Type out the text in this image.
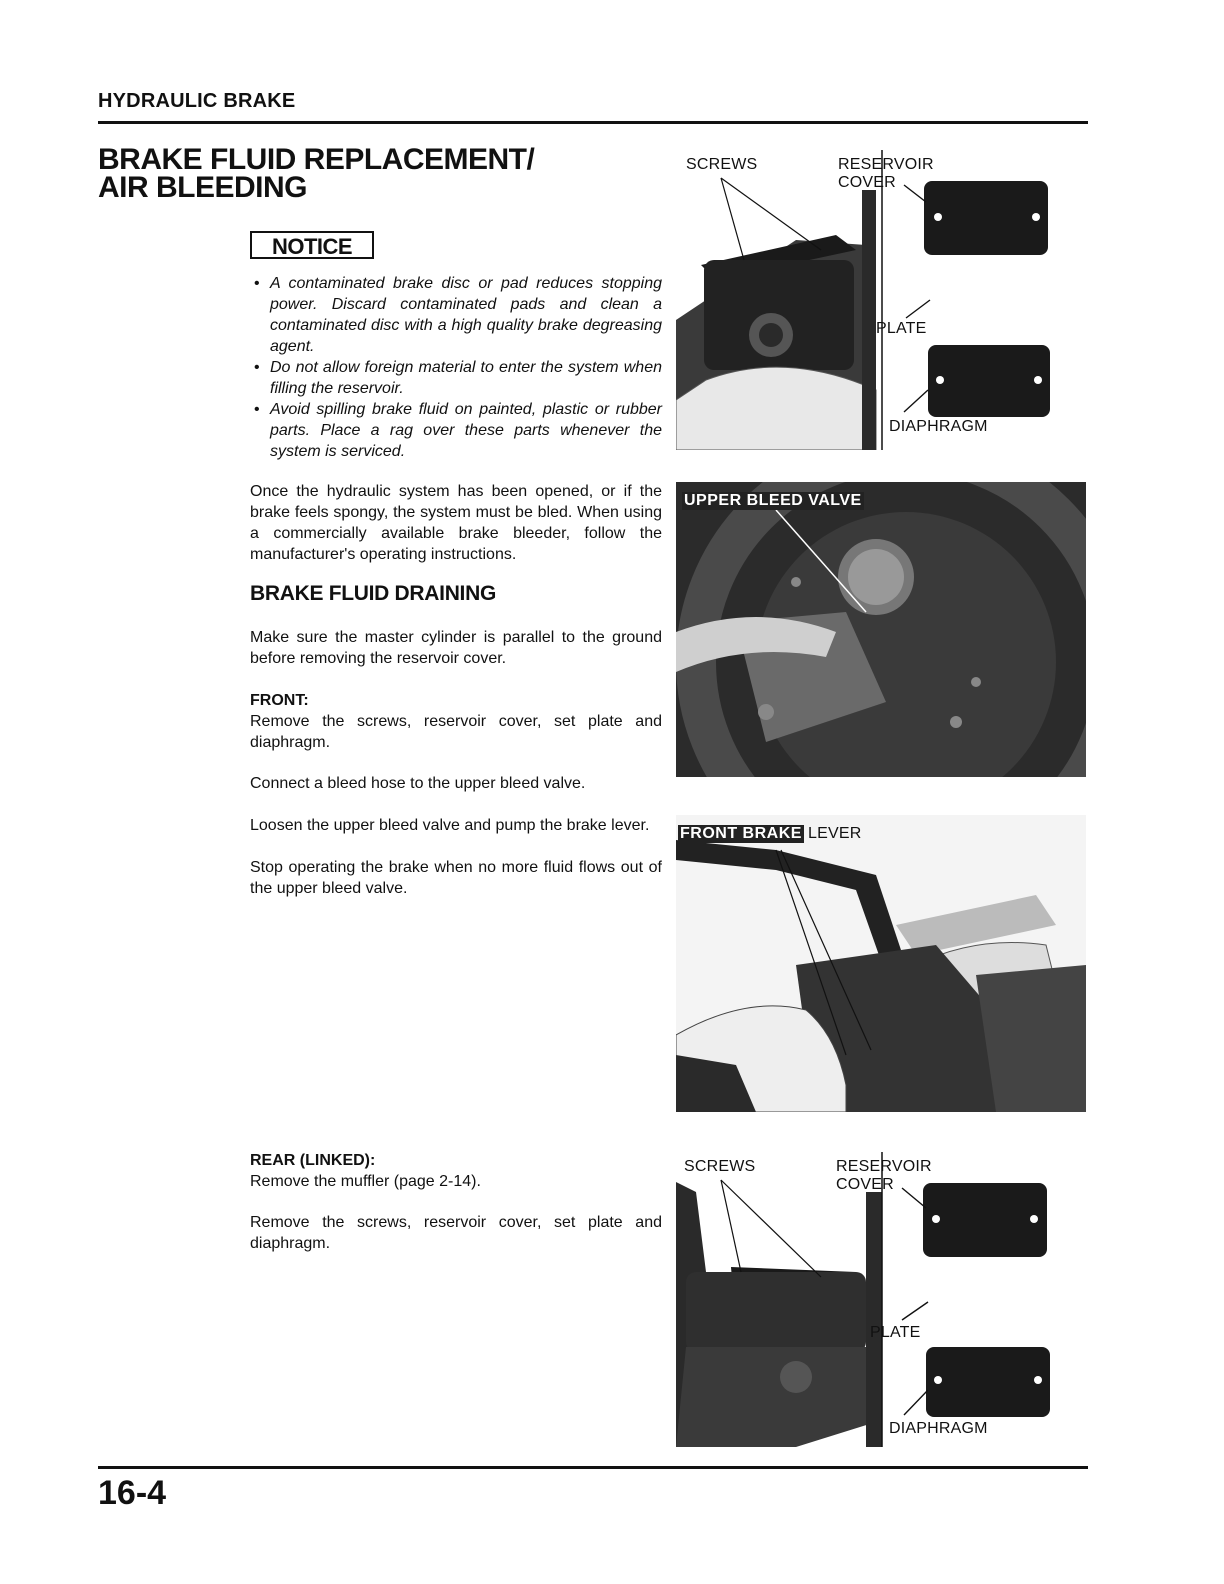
HYDRAULIC BRAKE
BRAKE FLUID REPLACEMENT/
AIR BLEEDING
NOTICE
• A contaminated brake disc or pad reduces stopping power. Discard contaminated pads and clean a contaminated disc with a high quality brake degreasing agent.
• Do not allow foreign material to enter the system when filling the reservoir.
• Avoid spilling brake fluid on painted, plastic or rubber parts. Place a rag over these parts whenever the system is serviced.

Once the hydraulic system has been opened, or if the brake feels spongy, the system must be bled. When using a commercially available brake bleeder, follow the manufacturer's operating instructions.

BRAKE FLUID DRAINING

Make sure the master cylinder is parallel to the ground before removing the reservoir cover.

FRONT:
Remove the screws, reservoir cover, set plate and diaphragm.

Connect a bleed hose to the upper bleed valve.

Loosen the upper bleed valve and pump the brake lever.

Stop operating the brake when no more fluid flows out of the upper bleed valve.

REAR (LINKED):
Remove the muffler (page 2-14).

Remove the screws, reservoir cover, set plate and diaphragm.

SCREWS	RESERVOIR
COVER
PLATE
DIAPHRAGM
UPPER BLEED VALVE
FRONT BRAKE LEVER
SCREWS	RESERVOIR
COVER
PLATE
DIAPHRAGM
16-4
